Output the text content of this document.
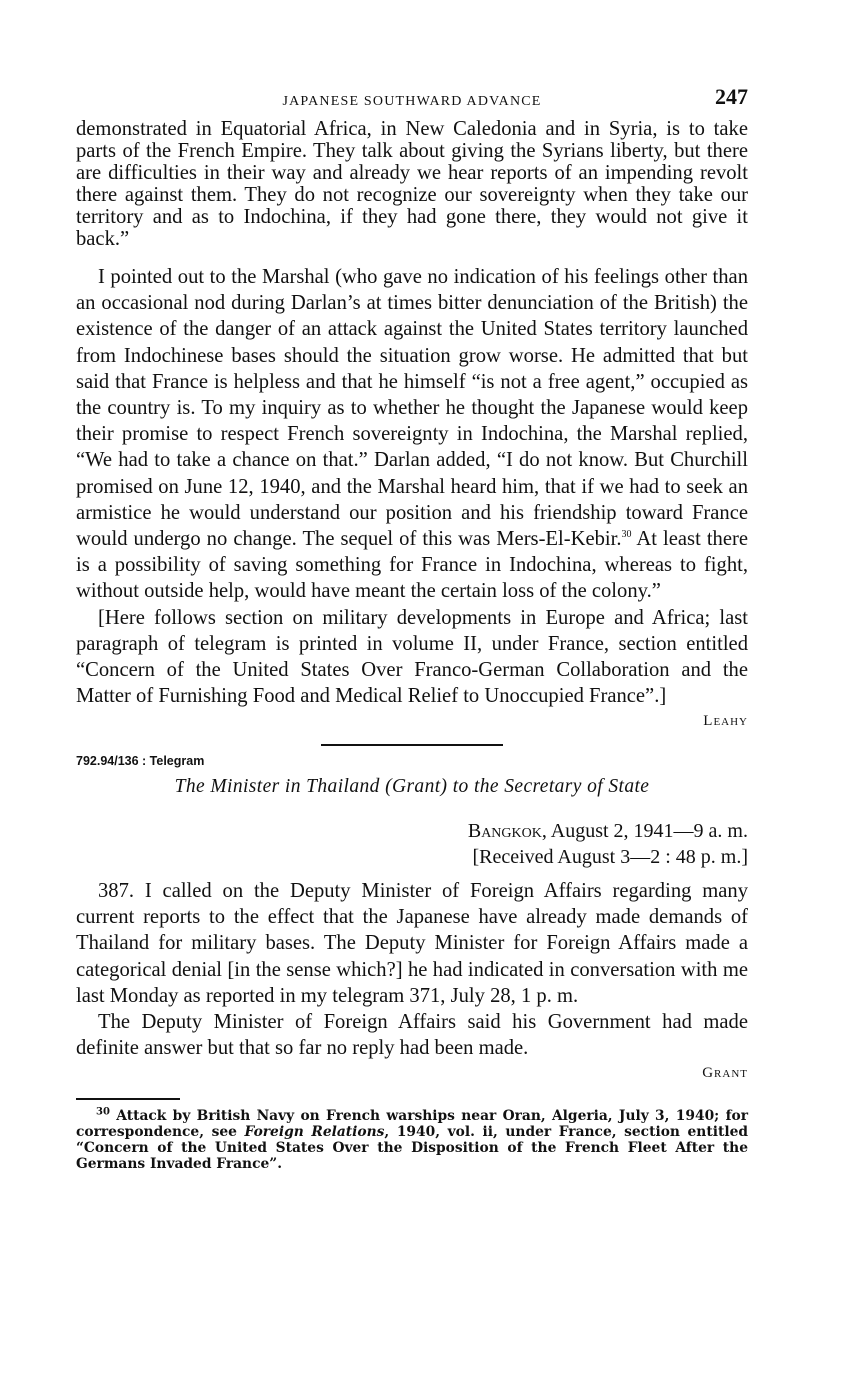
JAPANESE SOUTHWARD ADVANCE	247

demonstrated in Equatorial Africa, in New Caledonia and in Syria, is to take parts of the French Empire. They talk about giving the Syrians liberty, but there are difficulties in their way and already we hear reports of an impending revolt there against them. They do not recognize our sovereignty when they take our territory and as to Indochina, if they had gone there, they would not give it back.”

I pointed out to the Marshal (who gave no indication of his feelings other than an occasional nod during Darlan’s at times bitter denunciation of the British) the existence of the danger of an attack against the United States territory launched from Indochinese bases should the situation grow worse. He admitted that but said that France is helpless and that he himself “is not a free agent,” occupied as the country is. To my inquiry as to whether he thought the Japanese would keep their promise to respect French sovereignty in Indochina, the Marshal replied, “We had to take a chance on that.” Darlan added, “I do not know. But Churchill promised on June 12, 1940, and the Marshal heard him, that if we had to seek an armistice he would understand our position and his friendship toward France would undergo no change. The sequel of this was Mers-El-Kebir.$^{30}$ At least there is a possibility of saving something for France in Indochina, whereas to fight, without outside help, would have meant the certain loss of the colony.”

[Here follows section on military developments in Europe and Africa; last paragraph of telegram is printed in volume II, under France, section entitled “Concern of the United States Over Franco-German Collaboration and the Matter of Furnishing Food and Medical Relief to Unoccupied France”.]

Leahy
792.94/136 : Telegram
The Minister in Thailand (Grant) to the Secretary of State
Bangkok, August 2, 1941—9 a. m.
[Received August 3—2 : 48 p. m.]

387. I called on the Deputy Minister of Foreign Affairs regarding many current reports to the effect that the Japanese have already made demands of Thailand for military bases. The Deputy Minister for Foreign Affairs made a categorical denial [in the sense which?] he had indicated in conversation with me last Monday as reported in my telegram 371, July 28, 1 p. m.

The Deputy Minister of Foreign Affairs said his Government had made definite answer but that so far no reply had been made.

Grant
$^{30}$ Attack by British Navy on French warships near Oran, Algeria, July 3, 1940; for correspondence, see Foreign Relations, 1940, vol. ii, under France, section entitled “Concern of the United States Over the Disposition of the French Fleet After the Germans Invaded France”.
